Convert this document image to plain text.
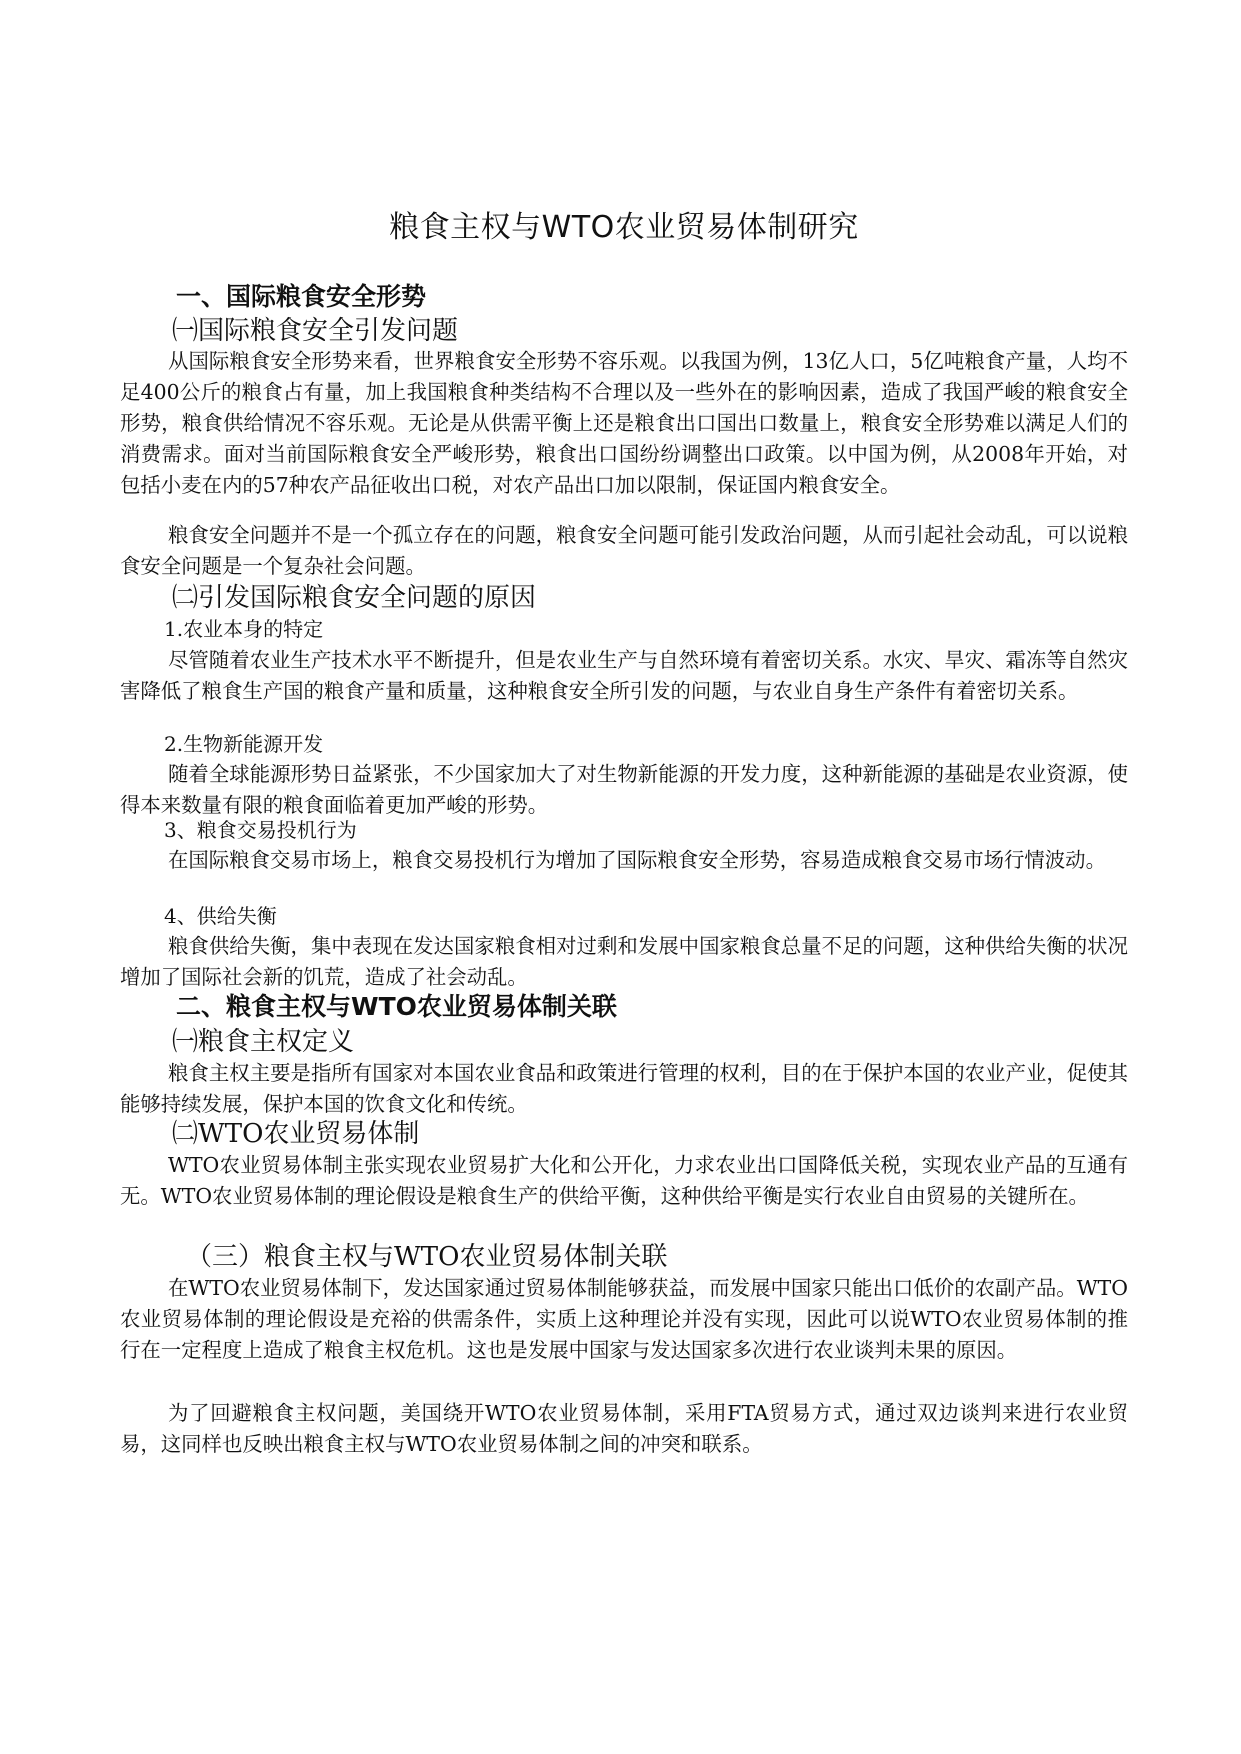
粮食主权与WTO农业贸易体制研究
一、国际粮食安全形势
㈠国际粮食安全引发问题

从国际粮食安全形势来看，世界粮食安全形势不容乐观。以我国为例，13亿人口，5亿吨粮食产量，人均不足400公斤的粮食占有量，加上我国粮食种类结构不合理以及一些外在的影响因素，造成了我国严峻的粮食安全形势，粮食供给情况不容乐观。无论是从供需平衡上还是粮食出口国出口数量上，粮食安全形势难以满足人们的消费需求。面对当前国际粮食安全严峻形势，粮食出口国纷纷调整出口政策。以中国为例，从2008年开始，对包括小麦在内的57种农产品征收出口税，对农产品出口加以限制，保证国内粮食安全。

粮食安全问题并不是一个孤立存在的问题，粮食安全问题可能引发政治问题，从而引起社会动乱，可以说粮食安全问题是一个复杂社会问题。

㈡引发国际粮食安全问题的原因
1.农业本身的特定

尽管随着农业生产技术水平不断提升，但是农业生产与自然环境有着密切关系。水灾、旱灾、霜冻等自然灾害降低了粮食生产国的粮食产量和质量，这种粮食安全所引发的问题，与农业自身生产条件有着密切关系。

2.生物新能源开发

随着全球能源形势日益紧张，不少国家加大了对生物新能源的开发力度，这种新能源的基础是农业资源，使得本来数量有限的粮食面临着更加严峻的形势。

3、粮食交易投机行为

在国际粮食交易市场上，粮食交易投机行为增加了国际粮食安全形势，容易造成粮食交易市场行情波动。

4、供给失衡

粮食供给失衡，集中表现在发达国家粮食相对过剩和发展中国家粮食总量不足的问题，这种供给失衡的状况增加了国际社会新的饥荒，造成了社会动乱。

二、粮食主权与WTO农业贸易体制关联
㈠粮食主权定义

粮食主权主要是指所有国家对本国农业食品和政策进行管理的权利，目的在于保护本国的农业产业，促使其能够持续发展，保护本国的饮食文化和传统。

㈡WTO农业贸易体制

WTO农业贸易体制主张实现农业贸易扩大化和公开化，力求农业出口国降低关税，实现农业产品的互通有无。WTO农业贸易体制的理论假设是粮食生产的供给平衡，这种供给平衡是实行农业自由贸易的关键所在。

（三）粮食主权与WTO农业贸易体制关联

在WTO农业贸易体制下，发达国家通过贸易体制能够获益，而发展中国家只能出口低价的农副产品。WTO农业贸易体制的理论假设是充裕的供需条件，实质上这种理论并没有实现，因此可以说WTO农业贸易体制的推行在一定程度上造成了粮食主权危机。这也是发展中国家与发达国家多次进行农业谈判未果的原因。

为了回避粮食主权问题，美国绕开WTO农业贸易体制，采用FTA贸易方式，通过双边谈判来进行农业贸易，这同样也反映出粮食主权与WTO农业贸易体制之间的冲突和联系。
